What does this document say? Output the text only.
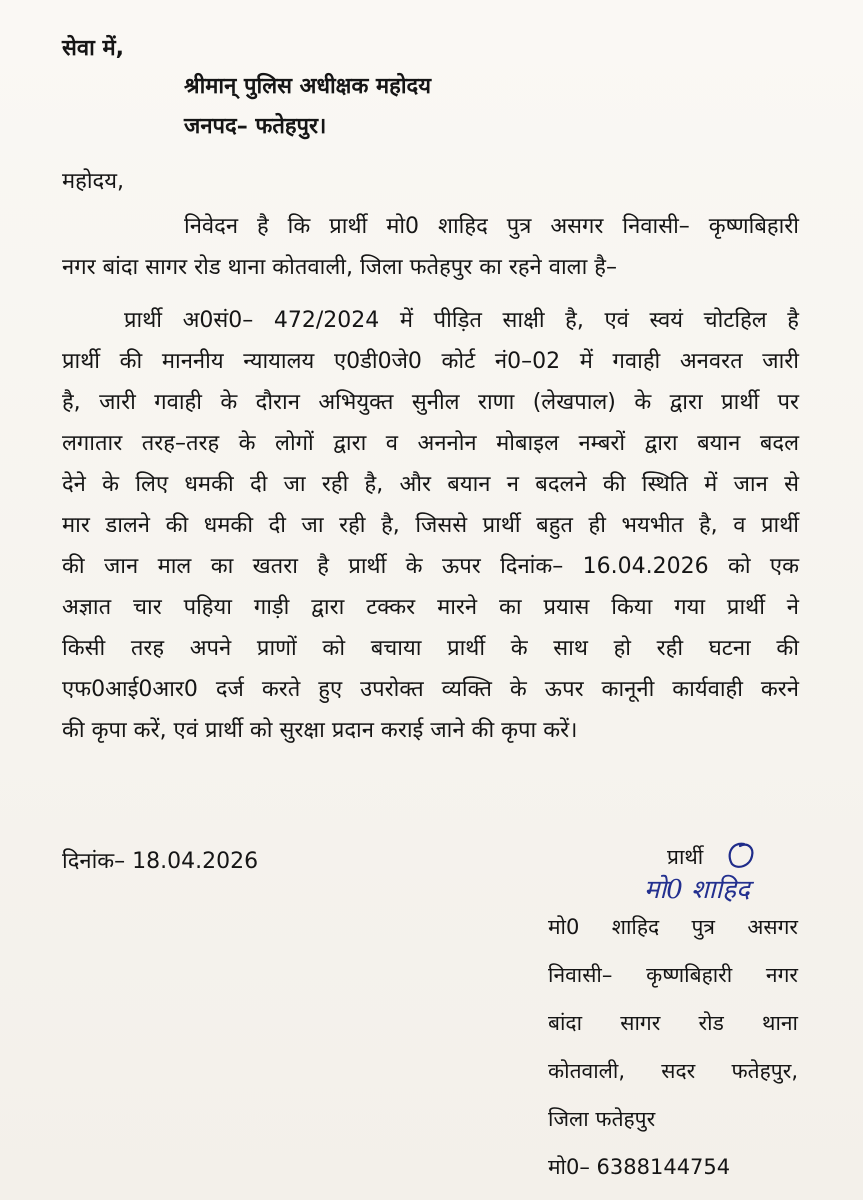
सेवा में,
श्रीमान् पुलिस अधीक्षक महोदय
जनपद– फतेहपुर।
महोदय,
निवेदन है कि प्रार्थी मो0 शाहिद पुत्र असगर निवासी– कृष्णबिहारी
नगर बांदा सागर रोड थाना कोतवाली, जिला फतेहपुर का रहने वाला है–
प्रार्थी अ0सं0– 472/2024 में पीड़ित साक्षी है, एवं स्वयं चोटहिल है
प्रार्थी की माननीय न्यायालय ए0डी0जे0 कोर्ट नं0–02 में गवाही अनवरत जारी
है, जारी गवाही के दौरान अभियुक्त सुनील राणा (लेखपाल) के द्वारा प्रार्थी पर
लगातार तरह–तरह के लोगों द्वारा व अननोन मोबाइल नम्बरों द्वारा बयान बदल
देने के लिए धमकी दी जा रही है, और बयान न बदलने की स्थिति में जान से
मार डालने की धमकी दी जा रही है, जिससे प्रार्थी बहुत ही भयभीत है, व प्रार्थी
की जान माल का खतरा है प्रार्थी के ऊपर दिनांक– 16.04.2026 को एक
अज्ञात चार पहिया गाड़ी द्वारा टक्कर मारने का प्रयास किया गया प्रार्थी ने
किसी तरह अपने प्राणों को बचाया प्रार्थी के साथ हो रही घटना की
एफ0आई0आर0 दर्ज करते हुए उपरोक्त व्यक्ति के ऊपर कानूनी कार्यवाही करने
की कृपा करें, एवं प्रार्थी को सुरक्षा प्रदान कराई जाने की कृपा करें।
दिनांक– 18.04.2026	प्रार्थी
मो0 शाहिद
मो0 शाहिद पुत्र असगर
निवासी– कृष्णबिहारी नगर
बांदा सागर रोड थाना
कोतवाली, सदर फतेहपुर,
जिला फतेहपुर
मो0– 6388144754
